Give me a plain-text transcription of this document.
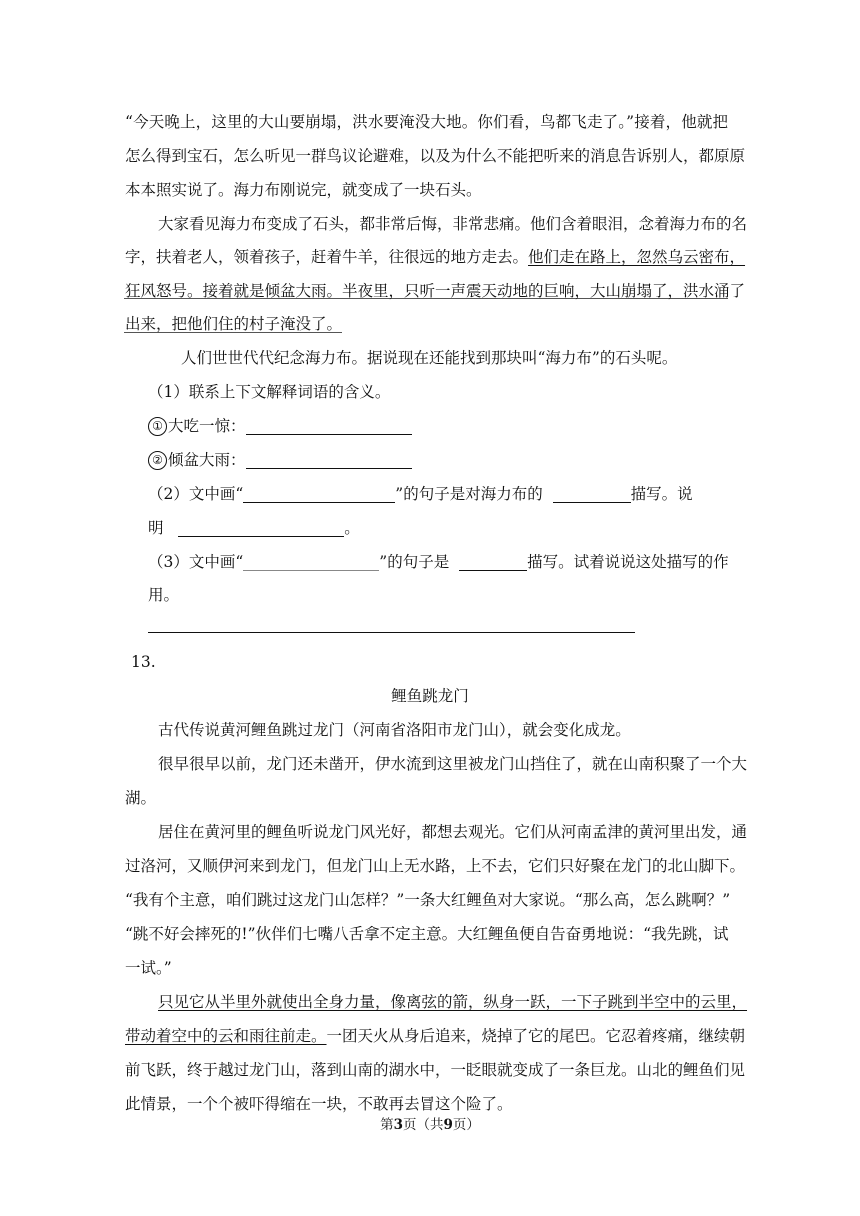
“今天晚上，这里的大山要崩塌，洪水要淹没大地。你们看，鸟都飞走了。”接着，他就把
怎么得到宝石，怎么听见一群鸟议论避难，以及为什么不能把听来的消息告诉别人，都原原
本本照实说了。海力布刚说完，就变成了一块石头。
大家看见海力布变成了石头，都非常后悔，非常悲痛。他们含着眼泪，念着海力布的名
字，扶着老人，领着孩子，赶着牛羊，往很远的地方走去。他们走在路上，忽然乌云密布，
狂风怒号。接着就是倾盆大雨。半夜里，只听一声震天动地的巨响，大山崩塌了，洪水涌了
出来，把他们住的村子淹没了。
人们世世代代纪念海力布。据说现在还能找到那块叫“海力布”的石头呢。
（1）联系上下文解释词语的含义。
① 大吃一惊：
② 倾盆大雨：
（2）文中画“	”的句子是对海力布的	描写。说
明	。
（3）文中画“	”的句子是	描写。试着说说这处描写的作
用。
13.
鲤鱼跳龙门
古代传说黄河鲤鱼跳过龙门（河南省洛阳市龙门山），就会变化成龙。
很早很早以前，龙门还未凿开，伊水流到这里被龙门山挡住了，就在山南积聚了一个大
湖。
居住在黄河里的鲤鱼听说龙门风光好，都想去观光。它们从河南孟津的黄河里出发，通
过洛河，又顺伊河来到龙门，但龙门山上无水路，上不去，它们只好聚在龙门的北山脚下。
“我有个主意，咱们跳过这龙门山怎样？”一条大红鲤鱼对大家说。“那么高，怎么跳啊？”
“跳不好会摔死的!”伙伴们七嘴八舌拿不定主意。大红鲤鱼便自告奋勇地说：“我先跳，试
一试。”
只见它从半里外就使出全身力量，像离弦的箭，纵身一跃，一下子跳到半空中的云里，
带动着空中的云和雨往前走。一团天火从身后追来，烧掉了它的尾巴。它忍着疼痛，继续朝
前飞跃，终于越过龙门山，落到山南的湖水中，一眨眼就变成了一条巨龙。山北的鲤鱼们见
此情景，一个个被吓得缩在一块，不敢再去冒这个险了。
第3页（共9页）
